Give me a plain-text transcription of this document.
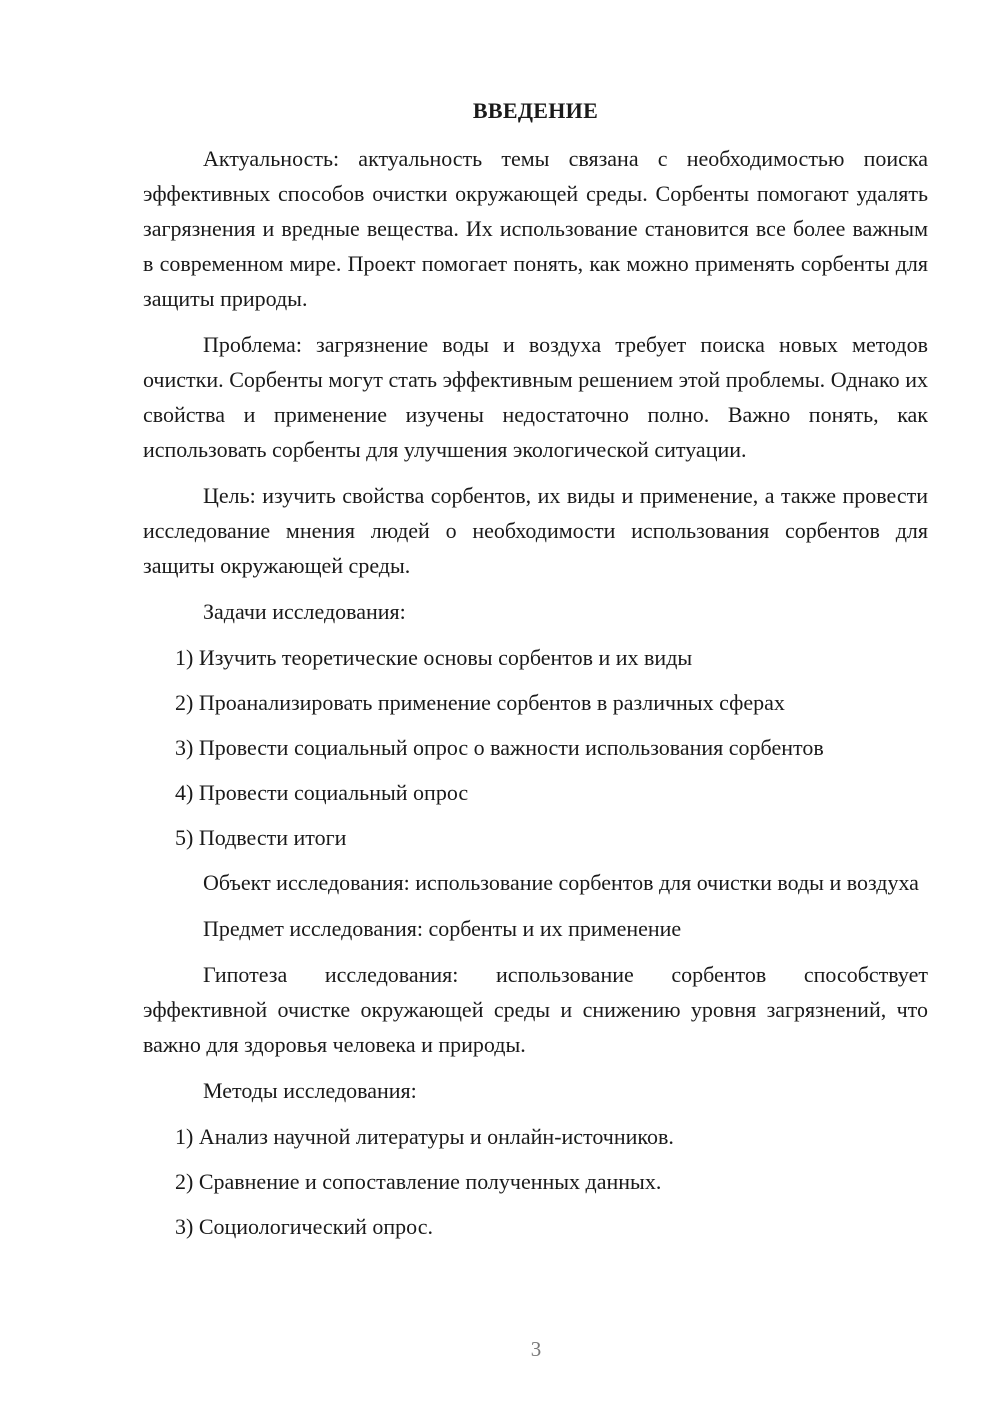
ВВЕДЕНИЕ

Актуальность: актуальность темы связана с необходимостью поиска эффективных способов очистки окружающей среды. Сорбенты помогают удалять загрязнения и вредные вещества. Их использование становится все более важным в современном мире. Проект помогает понять, как можно применять сорбенты для защиты природы.

Проблема: загрязнение воды и воздуха требует поиска новых методов очистки. Сорбенты могут стать эффективным решением этой проблемы. Однако их свойства и применение изучены недостаточно полно. Важно понять, как использовать сорбенты для улучшения экологической ситуации.

Цель: изучить свойства сорбентов, их виды и применение, а также провести исследование мнения людей о необходимости использования сорбентов для защиты окружающей среды.

Задачи исследования:

1) Изучить теоретические основы сорбентов и их виды
2) Проанализировать применение сорбентов в различных сферах
3) Провести социальный опрос о важности использования сорбентов
4) Провести социальный опрос
5) Подвести итоги

Объект исследования: использование сорбентов для очистки воды и воздуха

Предмет исследования: сорбенты и их применение

Гипотеза исследования: использование сорбентов способствует эффективной очистке окружающей среды и снижению уровня загрязнений, что важно для здоровья человека и природы.

Методы исследования:

1) Анализ научной литературы и онлайн-источников.
2) Сравнение и сопоставление полученных данных.
3) Социологический опрос.
3
